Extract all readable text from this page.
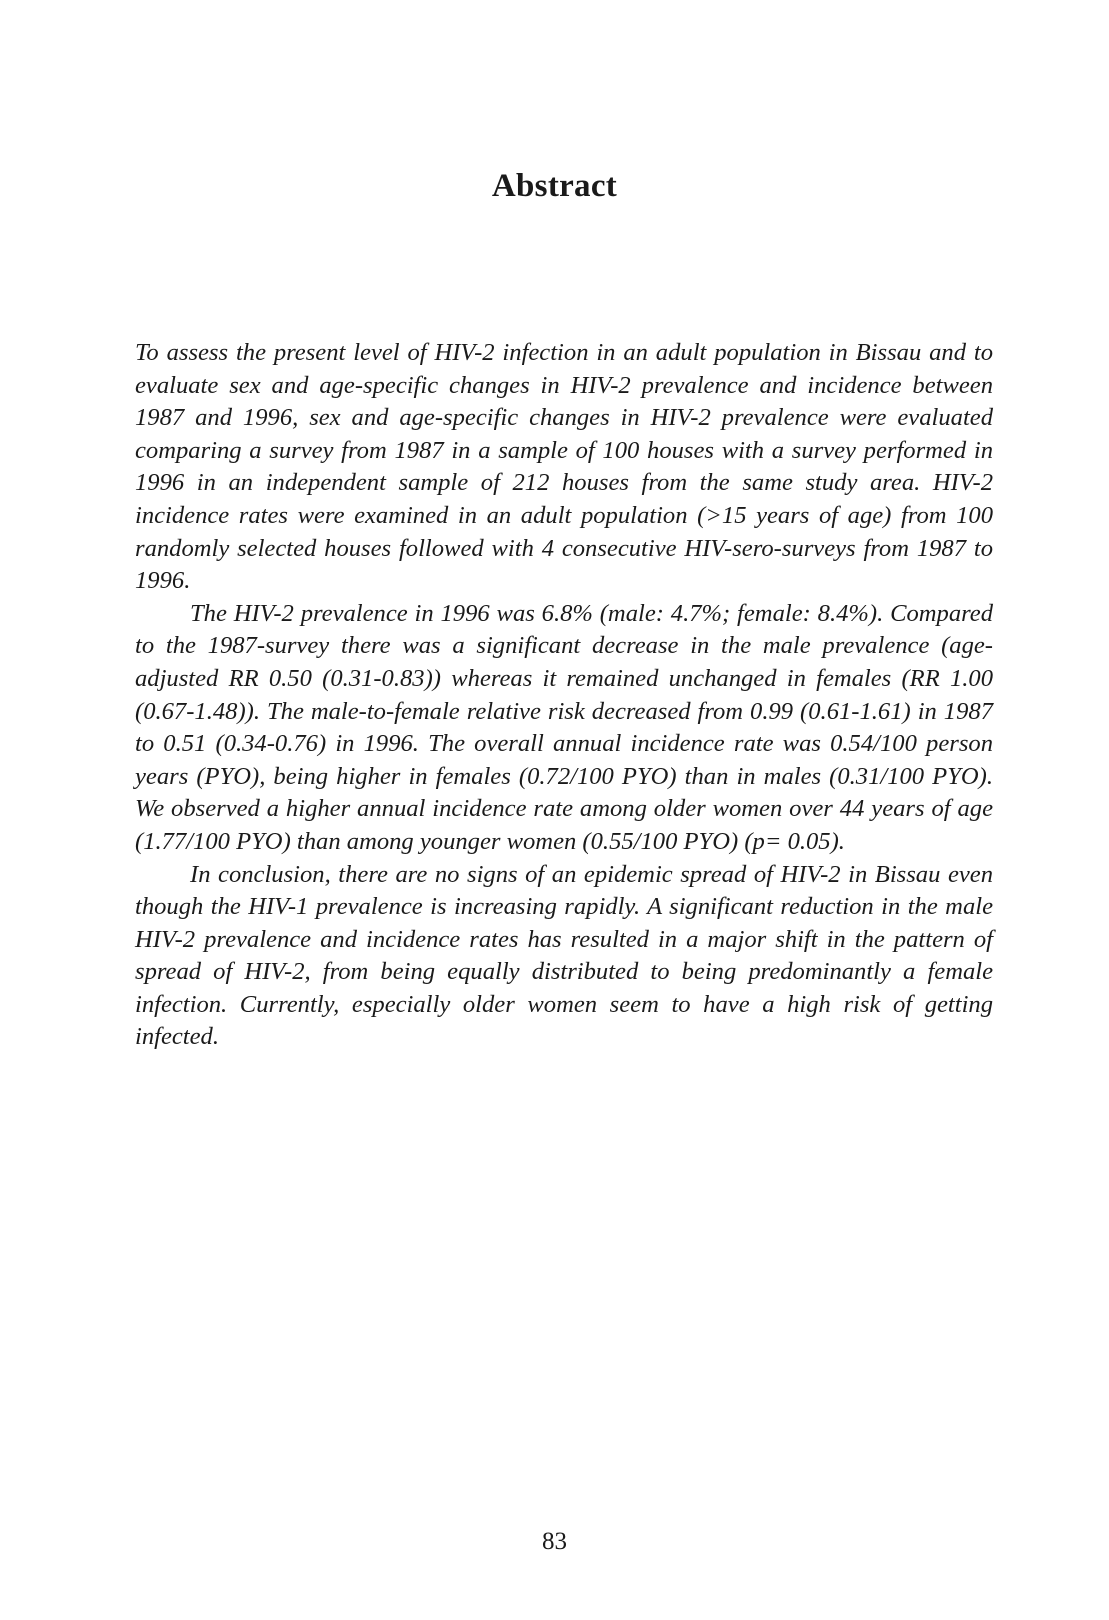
Abstract

To assess the present level of HIV-2 infection in an adult population in Bissau and to evaluate sex and age-specific changes in HIV-2 prevalence and incidence between 1987 and 1996, sex and age-specific changes in HIV-2 prevalence were evaluated comparing a survey from 1987 in a sample of 100 houses with a survey performed in 1996 in an independent sample of 212 houses from the same study area. HIV-2 incidence rates were examined in an adult population (>15 years of age) from 100 randomly selected houses followed with 4 consecutive HIV-sero-surveys from 1987 to 1996.

The HIV-2 prevalence in 1996 was 6.8% (male: 4.7%; female: 8.4%). Compared to the 1987-survey there was a significant decrease in the male prevalence (age-adjusted RR 0.50 (0.31-0.83)) whereas it remained unchanged in females (RR 1.00 (0.67-1.48)). The male-to-female relative risk decreased from 0.99 (0.61-1.61) in 1987 to 0.51 (0.34-0.76) in 1996. The overall annual incidence rate was 0.54/100 person years (PYO), being higher in females (0.72/100 PYO) than in males (0.31/100 PYO). We observed a higher annual incidence rate among older women over 44 years of age (1.77/100 PYO) than among younger women (0.55/100 PYO) (p= 0.05).

In conclusion, there are no signs of an epidemic spread of HIV-2 in Bissau even though the HIV-1 prevalence is increasing rapidly. A significant reduction in the male HIV-2 prevalence and incidence rates has resulted in a major shift in the pattern of spread of HIV-2, from being equally distributed to being predominantly a female infection. Currently, especially older women seem to have a high risk of getting infected.

83
